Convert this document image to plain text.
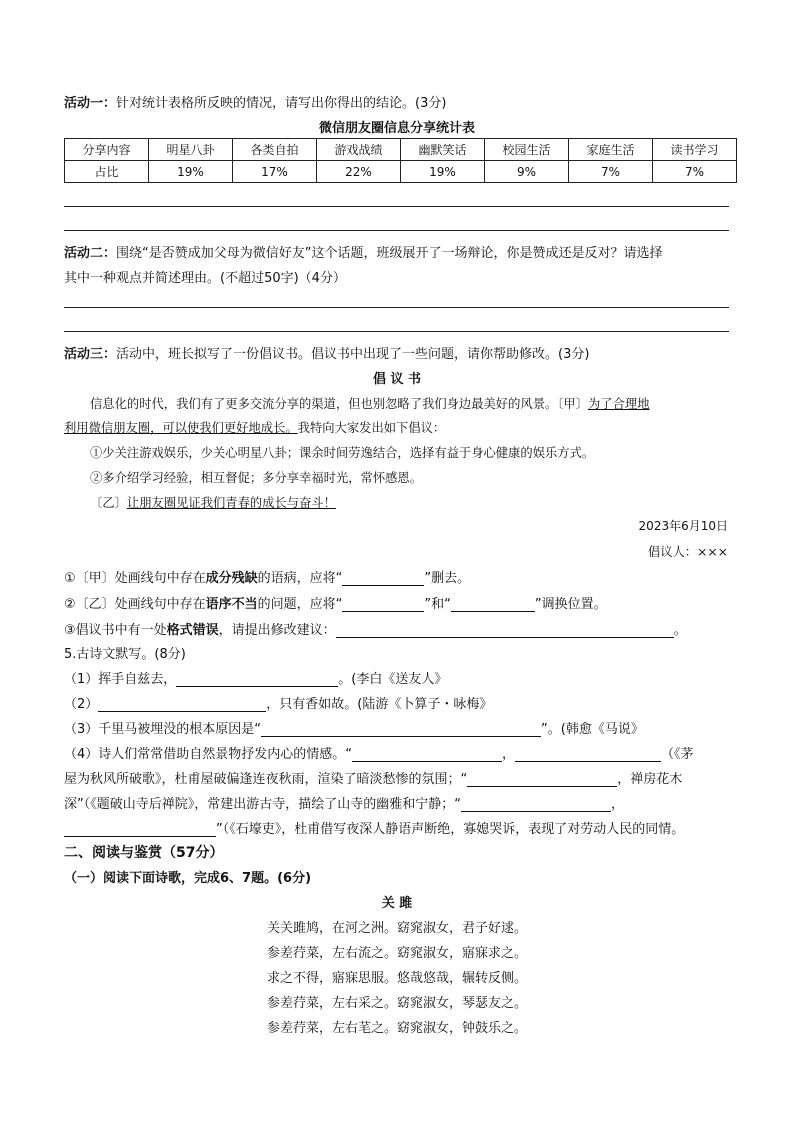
活动一：针对统计表格所反映的情况，请写出你得出的结论。(3分)
微信朋友圈信息分享统计表
分享内容	明星八卦	各类自拍	游戏战绩	幽默笑话	校园生活	家庭生活	读书学习
占比	19%	17%	22%	19%	9%	7%	7%
活动二：围绕“是否赞成加父母为微信好友”这个话题，班级展开了一场辩论，你是赞成还是反对？请选择
其中一种观点并简述理由。(不超过50字)（4分）
活动三：活动中，班长拟写了一份倡议书。倡议书中出现了一些问题，请你帮助修改。(3分)
倡 议 书
信息化的时代，我们有了更多交流分享的渠道，但也别忽略了我们身边最美好的风景。〔甲〕为了合理地
利用微信朋友圈，可以使我们更好地成长。我特向大家发出如下倡议：
①少关注游戏娱乐，少关心明星八卦；课余时间劳逸结合，选择有益于身心健康的娱乐方式。
②多介绍学习经验，相互督促；多分享幸福时光，常怀感恩。
〔乙〕让朋友圈见证我们青春的成长与奋斗！
2023年6月10日
倡议人：×××
①〔甲〕处画线句中存在成分残缺的语病，应将“	”删去。
②〔乙〕处画线句中存在语序不当的问题，应将“	”和“	”调换位置。
③倡议书中有一处格式错误，请提出修改建议：	。
5.古诗文默写。(8分)
（1）挥手自兹去，	。(李白《送友人》
（2）	，只有香如故。(陆游《卜算子・咏梅》
（3）千里马被埋没的根本原因是“	”。(韩愈《马说》
（4）诗人们常常借助自然景物抒发内心的情感。“	，	（《茅
屋为秋风所破歌》，杜甫屋破偏逢连夜秋雨，渲染了暗淡愁惨的氛围；“	，禅房花木
深”（《题破山寺后禅院》，常建出游古寺，描绘了山寺的幽雅和宁静；“	，
”（《石壕吏》，杜甫借写夜深人静语声断绝，寡媳哭诉，表现了对劳动人民的同情。
二、阅读与鉴赏（57分）
（一）阅读下面诗歌，完成6、7题。(6分)
关 雎
关关雎鸠，在河之洲。窈窕淑女，君子好逑。
参差荇菜，左右流之。窈窕淑女，寤寐求之。
求之不得，寤寐思服。悠哉悠哉，辗转反侧。
参差荇菜，左右采之。窈窕淑女，琴瑟友之。
参差荇菜，左右芼之。窈窕淑女，钟鼓乐之。
